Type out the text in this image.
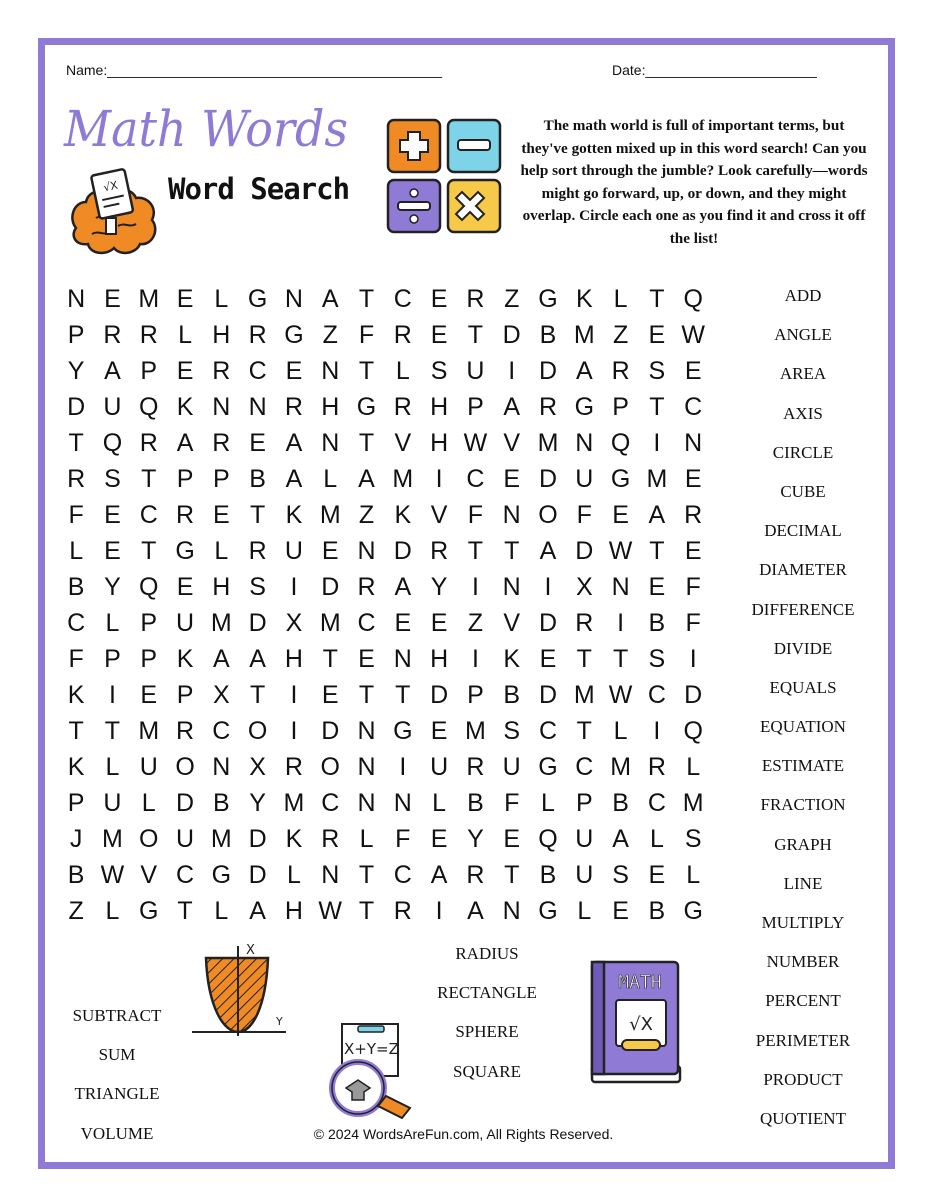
Name:___________________________________________	Date:______________________
Math Words
Word Search
√X
The math world is full of important terms, but they've gotten mixed up in this word search! Can you help sort through the jumble? Look carefully—words might go forward, up, or down, and they might overlap. Circle each one as you find it and cross it off the list!
N E M E L G N A T C E R Z G K L T Q
P R R L H R G Z F R E T D B M Z E W
Y A P E R C E N T L S U I D A R S E
D U Q K N N R H G R H P A R G P T C
T Q R A R E A N T V H W V M N Q I N
R S T P P B A L A M I C E D U G M E
F E C R E T K M Z K V F N O F E A R
L E T G L R U E N D R T T A D W T E
B Y Q E H S I D R A Y I N I X N E F
C L P U M D X M C E E Z V D R I B F
F P P K A A H T E N H I K E T T S I
K I E P X T	I E T T D P B D M W C D
T T M R C O I D N G E M S C T L	I Q
K L U O N X R O N I U R U G C M R L
P U L D B Y M C N N L B F L P B C M
J M O U M D K R L F E Y E Q U A L S
B W V C G D L N T C A R T B U S E L
Z L G T L A H W T R I A N G L E B G
ADD
ANGLE
AREA
AXIS
CIRCLE
CUBE
DECIMAL
DIAMETER
DIFFERENCE
DIVIDE
EQUALS
EQUATION
ESTIMATE
FRACTION
GRAPH
LINE
MULTIPLY
NUMBER
PERCENT
PERIMETER
PRODUCT
QUOTIENT
RADIUS
RECTANGLE
SPHERE
SQUARE
SUBTRACT
SUM
TRIANGLE
VOLUME
X
Y
X+Y=Z
MATH
√X
© 2024 WordsAreFun.com, All Rights Reserved.
